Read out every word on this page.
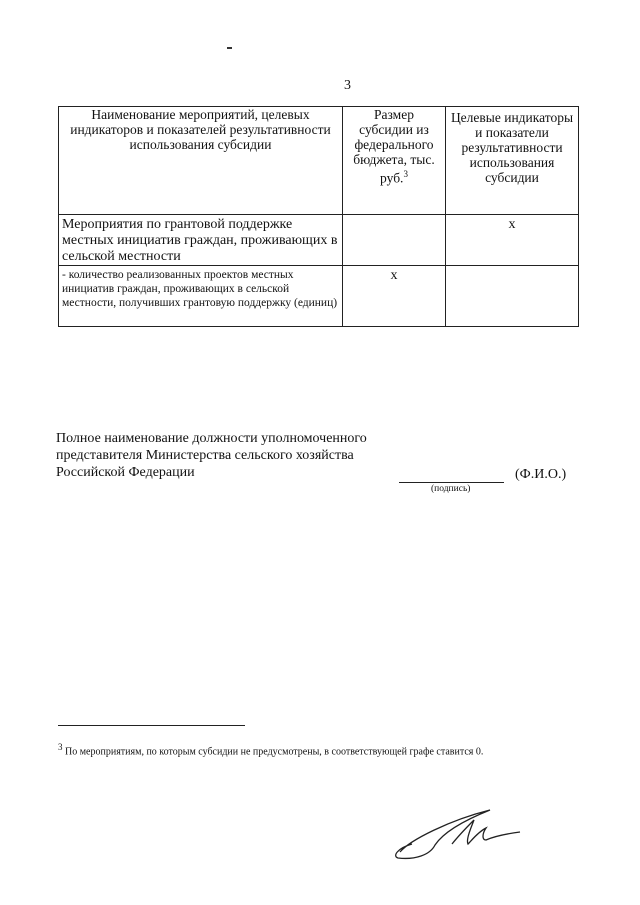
3
Наименование мероприятий, целевых индикаторов и показателей результативности использования субсидии	Размер субсидии из федерального бюджета, тыс. руб.$^3$	Целевые индикаторы и показатели результативности использования субсидии
Мероприятия по грантовой поддержке местных инициатив граждан, проживающих в сельской местности		х
- количество реализованных проектов местных инициатив граждан, проживающих в сельской местности, получивших грантовую поддержку (единиц)	х	
Полное наименование должности уполномоченного представителя Министерства сельского хозяйства Российской Федерации
(подпись)
(Ф.И.О.)
$^3$ По мероприятиям, по которым субсидии не предусмотрены, в соответствующей графе ставится 0.
